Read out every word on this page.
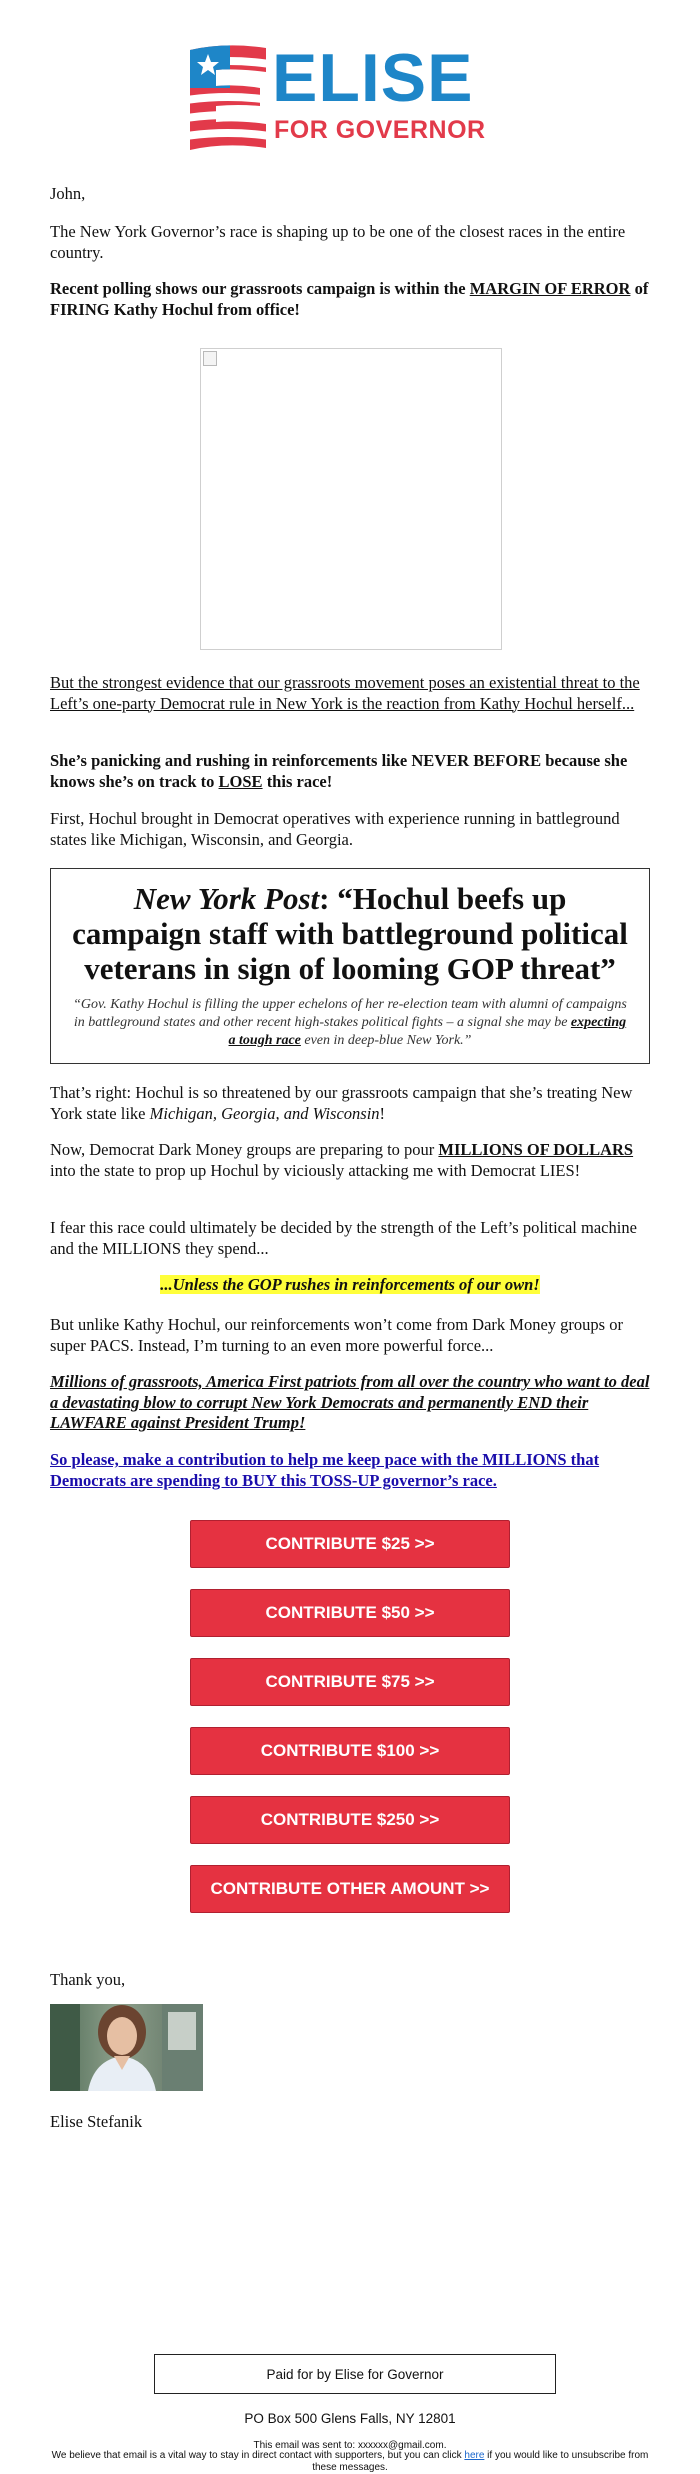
ELISE
FOR GOVERNOR

John,

The New York Governor’s race is shaping up to be one of the closest races in the entire country.

Recent polling shows our grassroots campaign is within the MARGIN OF ERROR of FIRING Kathy Hochul from office!

But the strongest evidence that our grassroots movement poses an existential threat to the Left’s one-party Democrat rule in New York is the reaction from Kathy Hochul herself...

She’s panicking and rushing in reinforcements like NEVER BEFORE because she knows she’s on track to LOSE this race!

First, Hochul brought in Democrat operatives with experience running in battleground states like Michigan, Wisconsin, and Georgia.

New York Post: “Hochul beefs up campaign staff with battleground political veterans in sign of looming GOP threat”
“Gov. Kathy Hochul is filling the upper echelons of her re-election team with alumni of campaigns in battleground states and other recent high-stakes political fights – a signal she may be expecting a tough race even in deep-blue New York.”

That’s right: Hochul is so threatened by our grassroots campaign that she’s treating New York state like Michigan, Georgia, and Wisconsin!

Now, Democrat Dark Money groups are preparing to pour MILLIONS OF DOLLARS into the state to prop up Hochul by viciously attacking me with Democrat LIES!

I fear this race could ultimately be decided by the strength of the Left’s political machine and the MILLIONS they spend...

...Unless the GOP rushes in reinforcements of our own!

But unlike Kathy Hochul, our reinforcements won’t come from Dark Money groups or super PACS. Instead, I’m turning to an even more powerful force...

Millions of grassroots, America First patriots from all over the country who want to deal a devastating blow to corrupt New York Democrats and permanently END their LAWFARE against President Trump!

So please, make a contribution to help me keep pace with the MILLIONS that Democrats are spending to BUY this TOSS-UP governor’s race.

CONTRIBUTE $25 >>
CONTRIBUTE $50 >>
CONTRIBUTE $75 >>
CONTRIBUTE $100 >>
CONTRIBUTE $250 >>
CONTRIBUTE OTHER AMOUNT >>

Thank you,

Elise Stefanik

Paid for by Elise for Governor
PO Box 500 Glens Falls, NY 12801
This email was sent to: xxxxxx@gmail.com.
We believe that email is a vital way to stay in direct contact with supporters, but you can click here if you would like to unsubscribe from these messages.
